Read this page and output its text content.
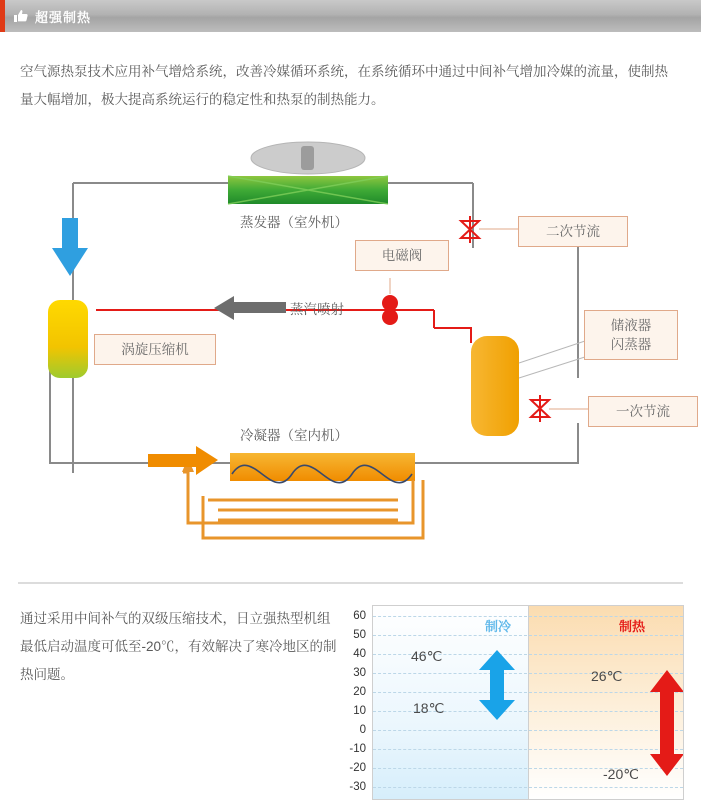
超强制热
空气源热泵技术应用补气增焓系统，改善冷媒循环系统，在系统循环中通过中间补气增加冷媒的流量，使制热量大幅增加，极大提高系统运行的稳定性和热泵的制热能力。
蒸发器（室外机）
冷凝器（室内机）
蒸汽喷射
二次节流
一次节流
电磁阀
涡旋压缩机
储液器
闪蒸器
通过采用中间补气的双级压缩技术，日立强热型机组最低启动温度可低至-20℃，有效解决了寒冷地区的制热问题。
60
50
40
30
20
10
0
-10
-20
-30
制冷	制热
46℃
18℃
26℃
-20℃
